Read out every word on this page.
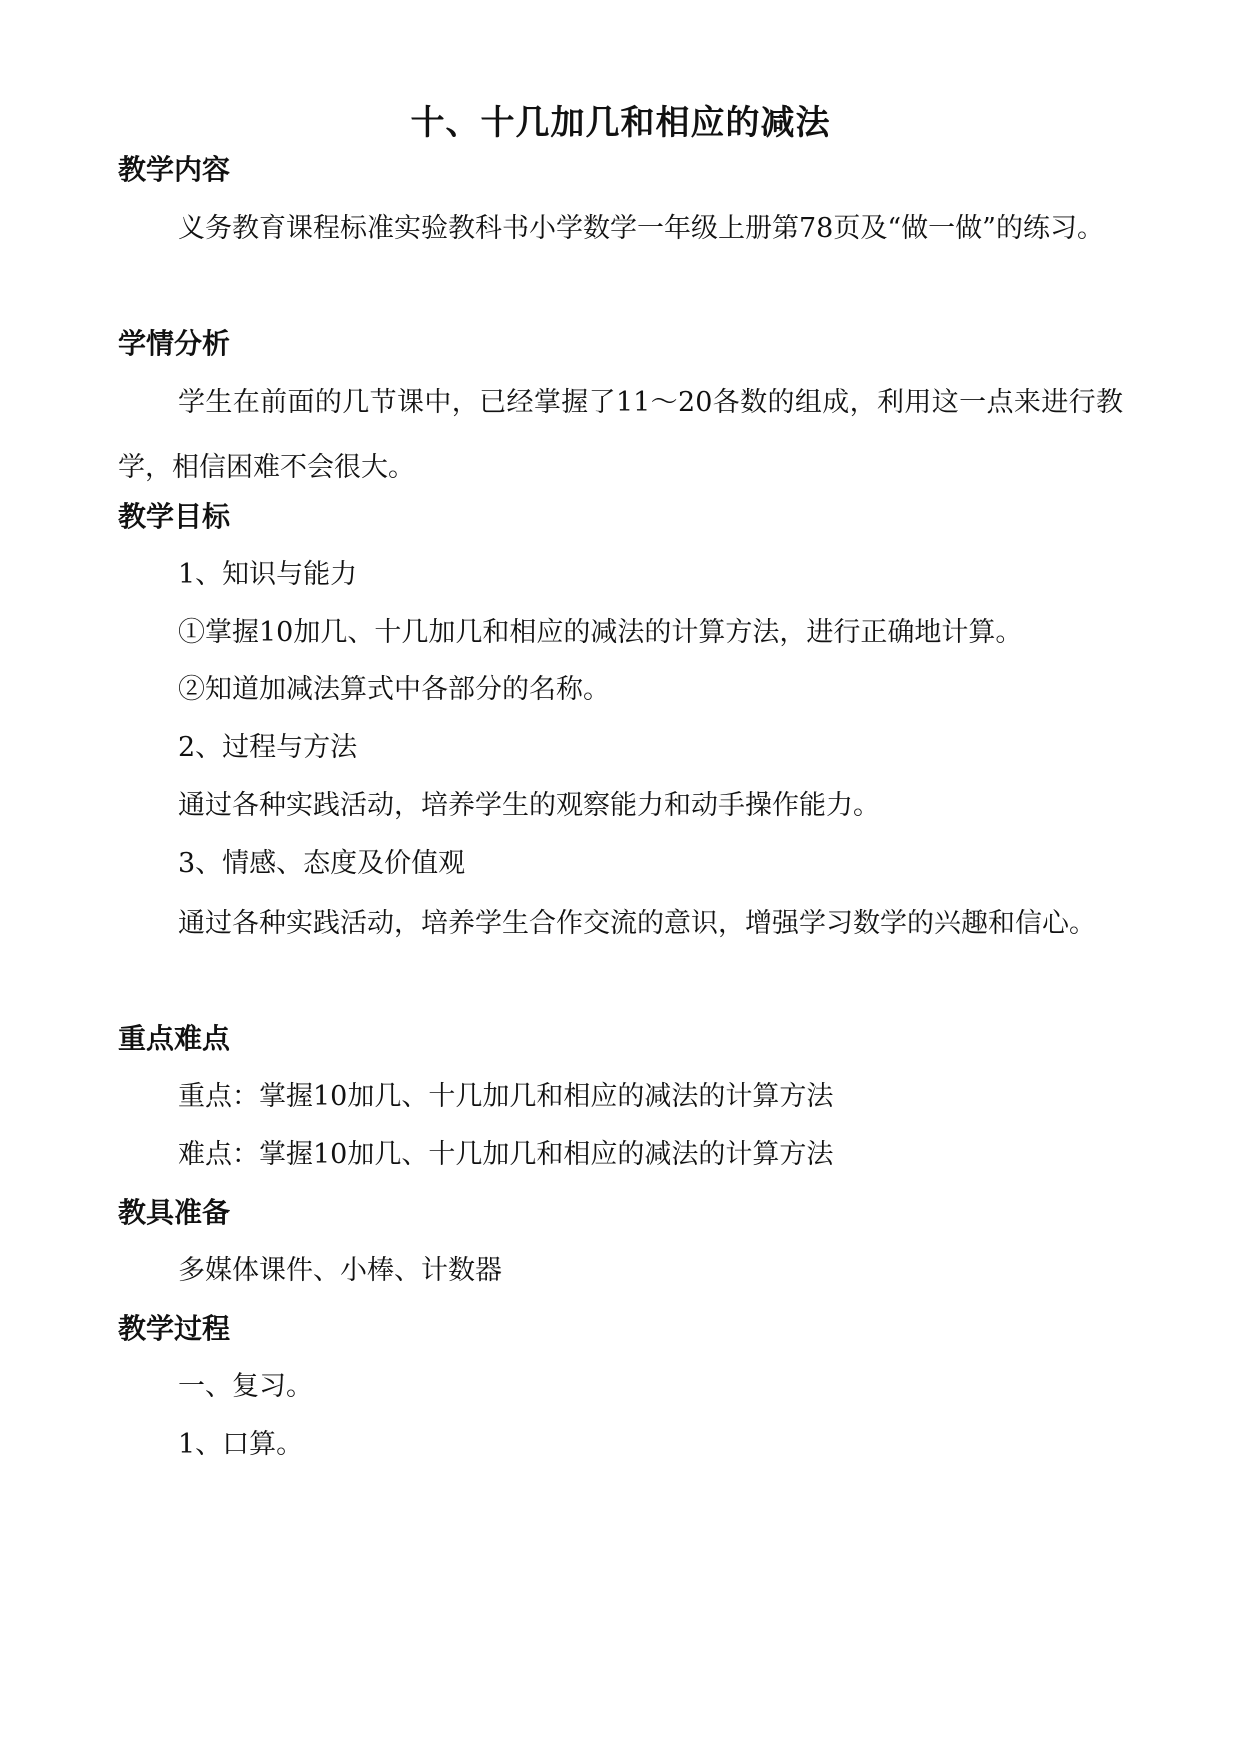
十、十几加几和相应的减法
教学内容
义务教育课程标准实验教科书小学数学一年级上册第78页及“做一做”的练习。
学情分析
学生在前面的几节课中，已经掌握了11～20各数的组成，利用这一点来进行教学，相信困难不会很大。
教学目标
1、知识与能力
①掌握10加几、十几加几和相应的减法的计算方法，进行正确地计算。
②知道加减法算式中各部分的名称。
2、过程与方法
通过各种实践活动，培养学生的观察能力和动手操作能力。
3、情感、态度及价值观
通过各种实践活动，培养学生合作交流的意识，增强学习数学的兴趣和信心。
重点难点
重点：掌握10加几、十几加几和相应的减法的计算方法
难点：掌握10加几、十几加几和相应的减法的计算方法
教具准备
多媒体课件、小棒、计数器
教学过程
一、复习。
1、口算。
